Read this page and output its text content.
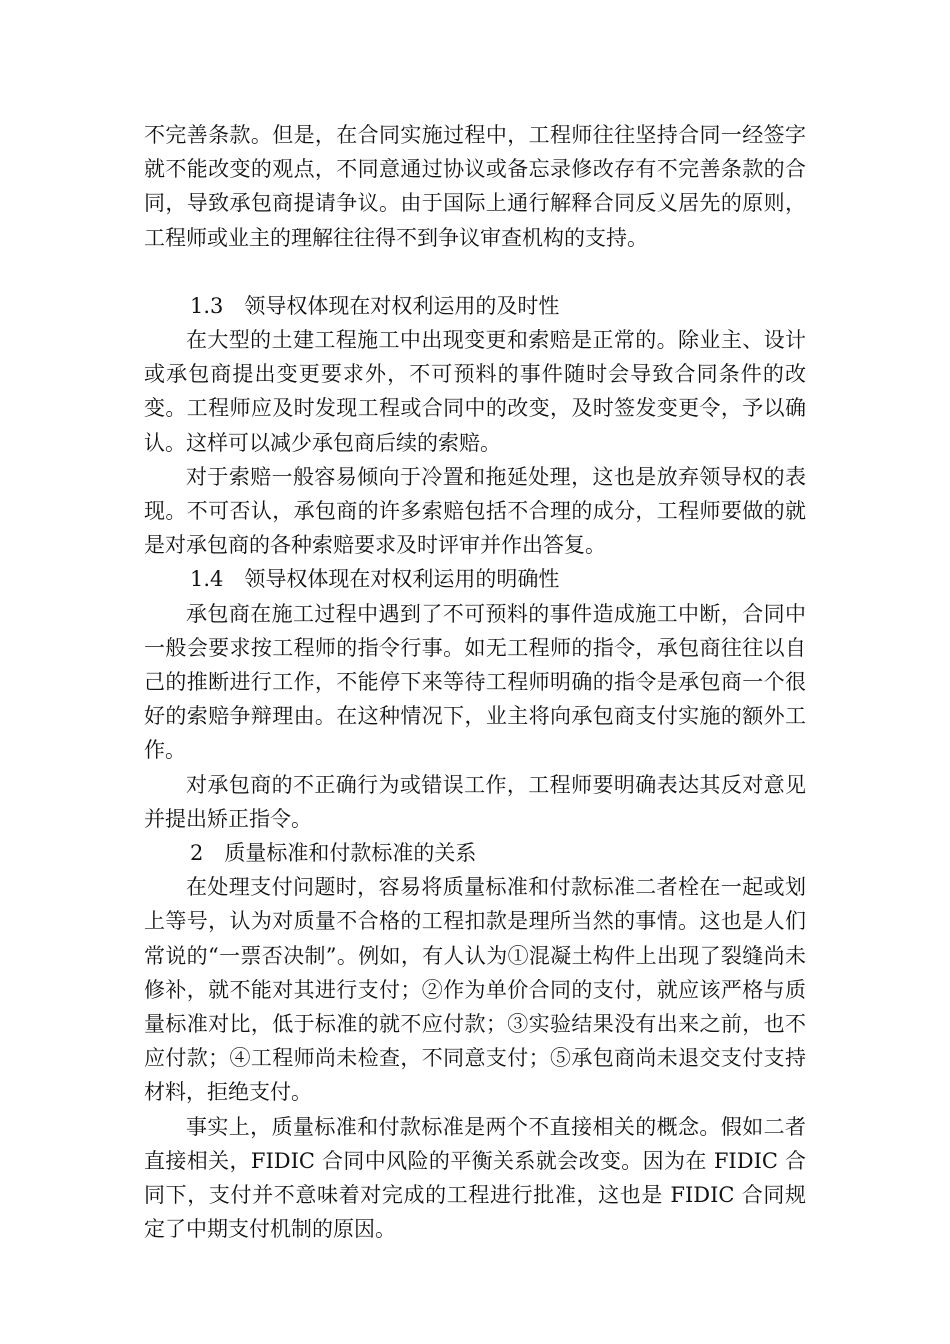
不完善条款。但是，在合同实施过程中，工程师往往坚持合同一经签字就不能改变的观点，不同意通过协议或备忘录修改存有不完善条款的合同，导致承包商提请争议。由于国际上通行解释合同反义居先的原则，工程师或业主的理解往往得不到争议审查机构的支持。

1.3　领导权体现在对权利运用的及时性

在大型的土建工程施工中出现变更和索赔是正常的。除业主、设计或承包商提出变更要求外，不可预料的事件随时会导致合同条件的改变。工程师应及时发现工程或合同中的改变，及时签发变更令，予以确认。这样可以减少承包商后续的索赔。

对于索赔一般容易倾向于冷置和拖延处理，这也是放弃领导权的表现。不可否认，承包商的许多索赔包括不合理的成分，工程师要做的就是对承包商的各种索赔要求及时评审并作出答复。

1.4　领导权体现在对权利运用的明确性

承包商在施工过程中遇到了不可预料的事件造成施工中断，合同中一般会要求按工程师的指令行事。如无工程师的指令，承包商往往以自己的推断进行工作，不能停下来等待工程师明确的指令是承包商一个很好的索赔争辩理由。在这种情况下，业主将向承包商支付实施的额外工作。

对承包商的不正确行为或错误工作，工程师要明确表达其反对意见并提出矫正指令。

2　质量标准和付款标准的关系

在处理支付问题时，容易将质量标准和付款标准二者栓在一起或划上等号，认为对质量不合格的工程扣款是理所当然的事情。这也是人们常说的“一票否决制”。例如，有人认为①混凝土构件上出现了裂缝尚未修补，就不能对其进行支付；②作为单价合同的支付，就应该严格与质量标准对比，低于标准的就不应付款；③实验结果没有出来之前，也不应付款；④工程师尚未检查，不同意支付；⑤承包商尚未退交支付支持材料，拒绝支付。

事实上，质量标准和付款标准是两个不直接相关的概念。假如二者直接相关，FIDIC 合同中风险的平衡关系就会改变。因为在 FIDIC 合同下，支付并不意味着对完成的工程进行批准，这也是 FIDIC 合同规定了中期支付机制的原因。
